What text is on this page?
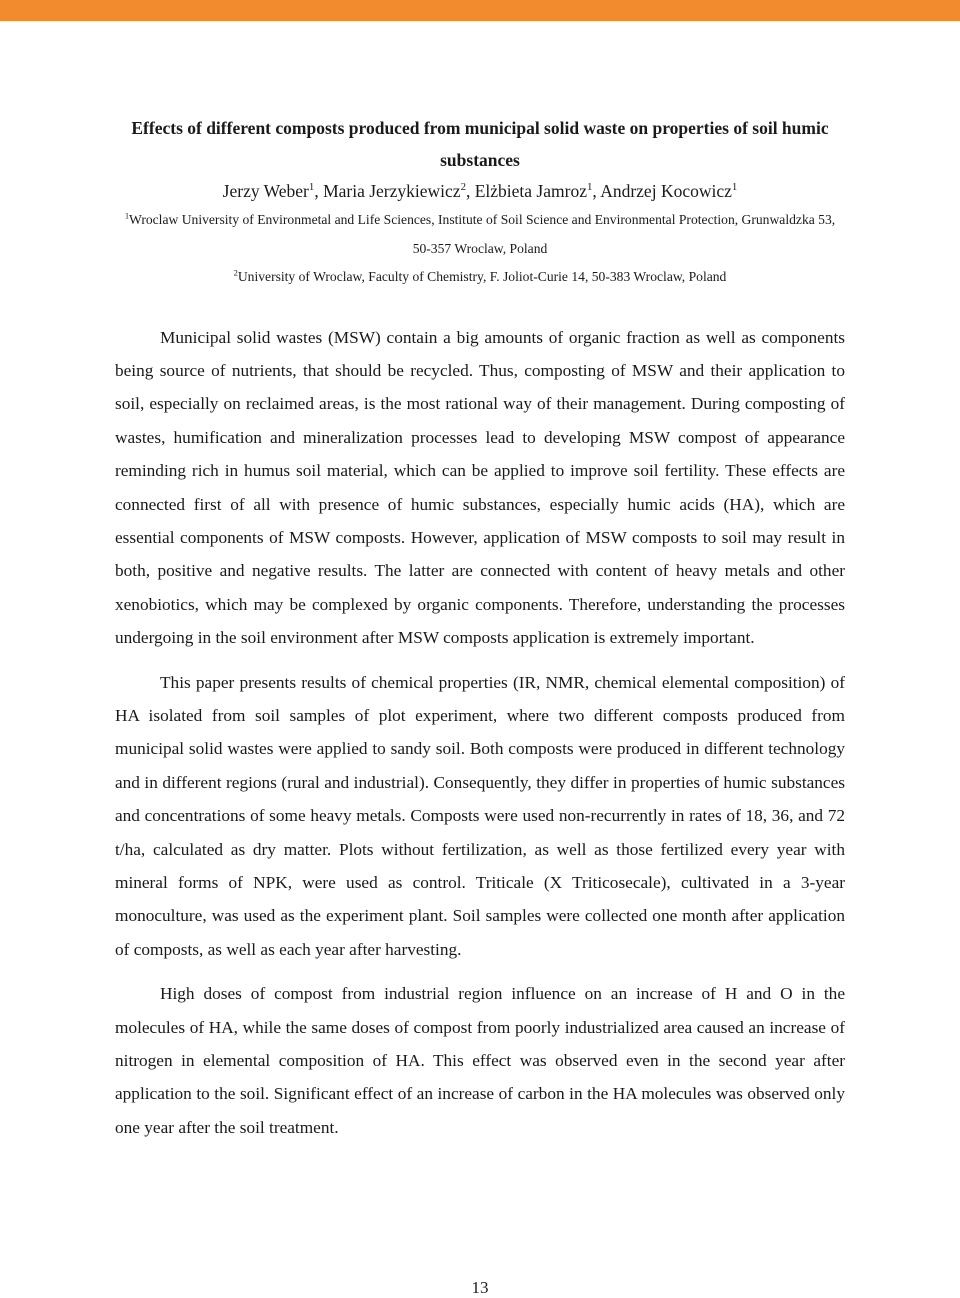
Effects of different composts produced from municipal solid waste on properties of soil humic substances

Jerzy Weber$^1$, Maria Jerzykiewicz$^2$, Elżbieta Jamroz$^1$, Andrzej Kocowicz$^1$

$^1$Wroclaw University of Environmetal and Life Sciences, Institute of Soil Science and Environmental Protection, Grunwaldzka 53, 50-357 Wroclaw, Poland

$^2$University of Wroclaw, Faculty of Chemistry, F. Joliot-Curie 14, 50-383 Wroclaw, Poland

Municipal solid wastes (MSW) contain a big amounts of organic fraction as well as components being source of nutrients, that should be recycled. Thus, composting of MSW and their application to soil, especially on reclaimed areas, is the most rational way of their management. During composting of wastes, humification and mineralization processes lead to developing MSW compost of appearance reminding rich in humus soil material, which can be applied to improve soil fertility. These effects are connected first of all with presence of humic substances, especially humic acids (HA), which are essential components of MSW composts. However, application of MSW composts to soil may result in both, positive and negative results. The latter are connected with content of heavy metals and other xenobiotics, which may be complexed by organic components. Therefore, understanding the processes undergoing in the soil environment after MSW composts application is extremely important.

This paper presents results of chemical properties (IR, NMR, chemical elemental composition) of HA isolated from soil samples of plot experiment, where two different composts produced from municipal solid wastes were applied to sandy soil. Both composts were produced in different technology and in different regions (rural and industrial). Consequently, they differ in properties of humic substances and concentrations of some heavy metals. Composts were used non-recurrently in rates of 18, 36, and 72 t/ha, calculated as dry matter. Plots without fertilization, as well as those fertilized every year with mineral forms of NPK, were used as control. Triticale (X Triticosecale), cultivated in a 3-year monoculture, was used as the experiment plant. Soil samples were collected one month after application of composts, as well as each year after harvesting.

High doses of compost from industrial region influence on an increase of H and O in the molecules of HA, while the same doses of compost from poorly industrialized area caused an increase of nitrogen in elemental composition of HA. This effect was observed even in the second year after application to the soil. Significant effect of an increase of carbon in the HA molecules was observed only one year after the soil treatment.

13
